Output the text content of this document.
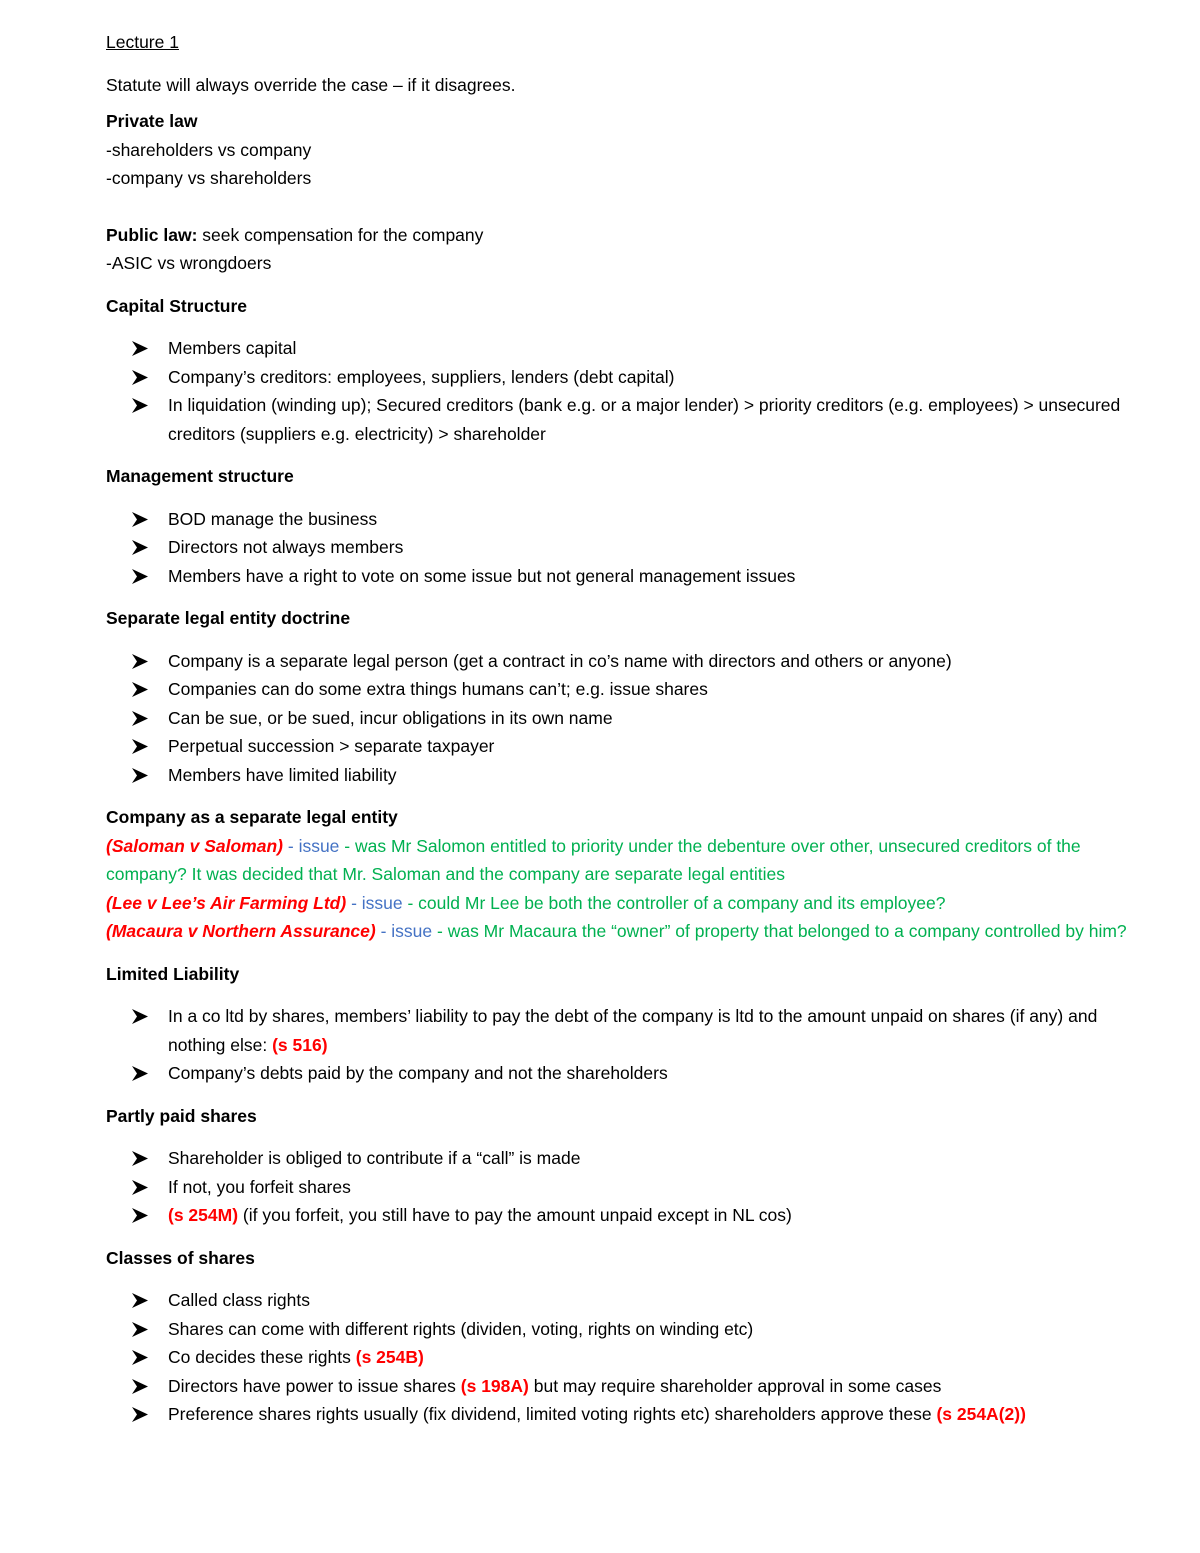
Lecture 1

Statute will always override the case – if it disagrees.

Private law

-shareholders vs company

-company vs shareholders

Public law: seek compensation for the company

-ASIC vs wrongdoers

Capital Structure

Members capital
Company’s creditors: employees, suppliers, lenders (debt capital)
In liquidation (winding up); Secured creditors (bank e.g. or a major lender) > priority creditors (e.g. employees) > unsecured creditors (suppliers e.g. electricity) > shareholder

Management structure

BOD manage the business
Directors not always members
Members have a right to vote on some issue but not general management issues

Separate legal entity doctrine

Company is a separate legal person (get a contract in co’s name with directors and others or anyone)
Companies can do some extra things humans can’t; e.g. issue shares
Can be sue, or be sued, incur obligations in its own name
Perpetual succession > separate taxpayer
Members have limited liability

Company as a separate legal entity

(Saloman v Saloman) - issue - was Mr Salomon entitled to priority under the debenture over other, unsecured creditors of the company? It was decided that Mr. Saloman and the company are separate legal entities

(Lee v Lee’s Air Farming Ltd) - issue - could Mr Lee be both the controller of a company and its employee?

(Macaura v Northern Assurance) - issue - was Mr Macaura the “owner” of property that belonged to a company controlled by him?

Limited Liability

In a co ltd by shares, members’ liability to pay the debt of the company is ltd to the amount unpaid on shares (if any) and nothing else: (s 516)
Company’s debts paid by the company and not the shareholders

Partly paid shares

Shareholder is obliged to contribute if a “call” is made
If not, you forfeit shares
(s 254M) (if you forfeit, you still have to pay the amount unpaid except in NL cos)

Classes of shares

Called class rights
Shares can come with different rights (dividen, voting, rights on winding etc)
Co decides these rights (s 254B)
Directors have power to issue shares (s 198A) but may require shareholder approval in some cases
Preference shares rights usually (fix dividend, limited voting rights etc) shareholders approve these (s 254A(2))
